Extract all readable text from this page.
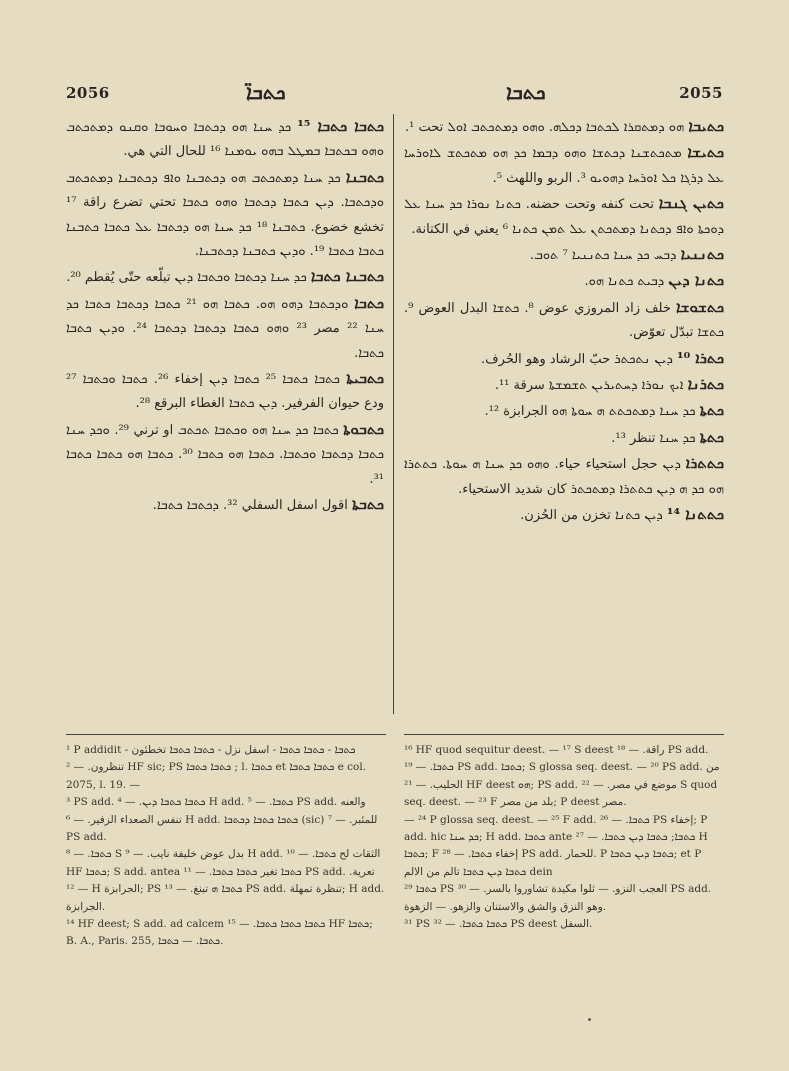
2056	ܟܬܒܐ̈	ܟܬܒܐ	2055

ܟܬܝܒܐ ܗܘ ܕܡܬܩܪܐ ܠܟܬܒܐ ܕܟܠܗ. ܘܗܘ ܕܡܬܟܬܒ ܐܘܠ تحت ¹.

ܟܬܝܫܐ ܡܬܟܬܫܢܐ ܕܟܬܫܐ ܘܗܘ ܕܒܡܐ ܟܕ ܗܘ ܡܬܟܬܫ ܠܐܘܪܚܐ ܥܠ ܕܪܓܐ ܟܠ ܐܘܪܚܐ ܕܗܘܝܘ ³. الربو واللهث ⁵.

ܟܬܝܢ ܓܢܒܐ تحت كنفه وتحت حضنه. ܟܬܢܐ ܢܘܪܐ ܟܕ ܚܢܐ ܥܠ ܕܘܟܬܐ ܘܐܦ ܕܟܬܢܐ ܕܡܬܟܬܢ ܥܠ ܬܡܢ ܟܬܢܐ ⁶ يعني في الكتانة.

ܟܬܢܢܝܐ ܕܒܚ ܟܕ ܚܢܐ ܟܬܢܢܝܐ ⁷ ܬܘܒ.

ܟܬܢܐ ܕܝܢ ܕܒܝܬ ܟܬܢܐ ܗܘ.

ܟܬܫܘܫܐ خلف زاد المروزي عوض ⁸. ܟܬܫܐ البدل العوض ⁹. ܟܬܫܐ تبدّل تعوّض.

ܟܬܪܐ ¹⁰ ܕܝܢ ܢܬܟܬܪ حبّ الرشاد وهو الحُرف.

ܟܬܪܢܐ ܐܝܟ ܢܘܪܐ ܕܚܬܝܪܝܢ ܬܫܡܫܬܐ سرقة ¹¹.

ܟܬܬܐ ܟܕ ܚܢܐ ܕܡܬܟܬܬ ܗ ܚܘܬܐ ܗܘ الجرابزة ¹².

ܟܬܬܐ ܟܕ ܚܢܐ تنظر ¹³.

ܟܬܬܪܐ ܕܝܢ حجل استحياء حياء. ܘܗܘ ܟܕ ܚܢܐ ܗ ܚܘܬܐ. ܟܬܬܪܐ ܗܘ ܟܕ ܗ ܕܝܢ ܟܬܬܪܐ ܕܡܬܟܬܪ كان شديد الاستحياء.

ܟܬܬܢܐ ¹⁴ ܕܝܢ ܟܬܢܐ تخزن من الحُزن.

ܟܬܒܐ ܟܬܒܐ ¹⁵ ܟܕ ܚܢܐ ܗܘ ܕܟܬܒܐ ܘܚܘܒܐ ܘܩܢܘ ܕܡܬܟܬܒ ܘܗܘ ܒܟܬܒܐ ܒܡܛܠ ܒܗܘ ܝܘܡܢܐ ¹⁶ للحال التي هي.

ܟܬܒܢܐ ܟܕ ܚܢܐ ܕܡܬܟܬܒ ܗܘ ܕܟܬܒܢܐ ܘܐܦ ܕܟܬܒܢܐ ܕܡܬܟܬܒ ܘܕܟܬܒܐ. ܕܝܢ ܟܬܒܐ ܕܟܬܒܐ ܘܗܘ ܟܬܒܐ تحتي تضرع راقة ¹⁷ تخشع خضوع. ܟܬܒܢܐ ¹⁸ ܟܕ ܚܢܐ ܗܘ ܕܟܬܒܐ ܥܠ ܟܬܒܐ ܟܬܒܢܐ ܟܬܒܐ ܟܬܒܐ ¹⁹. ܘܕܝܢ ܟܬܒܢܐ ܕܟܬܒܢܐ.

ܟܬܒܢܐ ܟܬܒܐ ܟܕ ܚܢܐ ܕܟܬܒܐ ܘܟܬܒܐ ܕܝܢ تبلّعه حتّى يُقطم ²⁰.

ܟܬܒܐ ܘܕܟܬܒܐ ܕܗܘ ܗܘ. ܟܬܒܐ ܗܘ ²¹ ܟܬܒܐ ܕܟܬܒܐ ܟܬܒܐ ܟܕ ܚܢܐ ²² مصر ²³ ܘܗܘ ܟܬܒܐ ܕܟܬܒܐ ܕܟܬܒܐ ²⁴. ܘܕܝܢ ܟܬܒܐ ܟܬܒܐ.

ܟܬܒܝܬܐ ܟܬܒܐ ܟܬܒܐ ²⁵ ܟܬܒܐ ܕܝܢ إخفاء ²⁶. ܟܬܒܐ ܘܟܬܒܐ ²⁷ ودع حيوان الفرفير. ܕܝܢ ܟܬܒܐ الغطاء البرقع ²⁸.

ܟܬܒܘܬܐ ܟܬܒܐ ܟܕ ܚܢܐ ܗܘ ܘܟܬܒܐ ܬܟܬܒ او ترني ²⁹. ܘܟܕ ܚܢܐ ܟܬܒܐ ܕܟܬܒܐ ܘܟܬܒܐ. ܟܬܒܐ ܗܘ ܟܬܒܐ ³⁰. ܟܬܒܐ ܗܘ ܟܬܒܐ ܟܬܒܐ ³¹.

ܟܬܒܬܐ اقول اسفل السفلي ³². ܕܟܬܒܐ ܟܬܒܐ.

¹ P addidit ܟܬܒܐ - ܟܬܒܐ ܟܬܒܐ - اسفل نزل - ܟܬܒܐ ܟܬܒܐ تخطئون - تنظرون. — ² HF sic; PS ܟܬܒܐ ܟܬܒܐ ; l. ܟܬܒܐ et ܟܬܒܐ ܟܬܒܐ e col. 2075, l. 19. —

³ PS add. ܟܬܒܐ ܟܬܒܐ ܕܝܢ. — ⁴ H add. ܟܬܒܐ. — ⁵ PS add. والعنه تنفس الصعداء الزفير. — ⁶ H add. ܟܬܒܐ ܟܬܒܐ ܕܟܬܒܐ (sic) للمئبر. — ⁷ PS add.

ܟܬܒܐ. — ⁸ S بدل عوض خليفة نايب. — ⁹ H add. الثقات لح ܟܬܒܐ. — ¹⁰ HF ܟܬܒܐ; S add. antea ܟܬܒܐ تغير ܟܬܒܐ ܟܬܒܐ. — ¹¹ PS add. تعرية. — ¹² H الجرابزة; PS ܟܬܒܐ ܗ تبنغ. — ¹³ PS add. تنظرة تمهلة; H add. الجرابزة.

¹⁴ HF deest; S add. ad calcem ܟܬܒܐ ܟܬܒܐ ܟܬܒܐ. — ¹⁵ HF ܟܬܒܐ; B. A., Paris. 255, ܟܬܒܐ. — ܟܬܒܐ.

¹⁶ HF quod sequitur deest. — ¹⁷ S deest راقة. — ¹⁸ PS add. ܟܬܒܐ. — ¹⁹ PS add. ܟܬܒܐ; S glossa seq. deest. — ²⁰ PS add. من الحليب. — ²¹ HF deest ܗܘ; PS add. موضع في مصر. — ²² S quod seq. deest. — ²³ F بلد من مصر; P deest مصر.

— ²⁴ P glossa seq. deest. — ²⁵ F add. ܟܬܒܐ. — ²⁶ PS إخفاء; P add. hic ܟܕ ܚܢܐ; H add. ܟܬܒܐ ante ܟܬܒܐ; ܟܬܒܐ ܕܝܢ ܟܬܒܐ. — ²⁷ H ܟܬܒܐ; F إخفاء ܟܬܒܐ. — ²⁸ PS add. للحمار. P ܟܬܒܐ ܕܝܢ ܟܬܒܐ; et P ܟܬܒܐ ܕܝܢ ܟܬܒܐ تالم من الالم dein

ܟܬܒܐ ²⁹ PS العجب النزو. — ثلوا مكيدة تشاوروا بالسر. — ³⁰ PS add. وهو النزق والشق والاستنان والزهو. — الزهوة.

³¹ PS ܟܬܒܐ ܟܬܒܐ. — ³² PS deest السفل.
